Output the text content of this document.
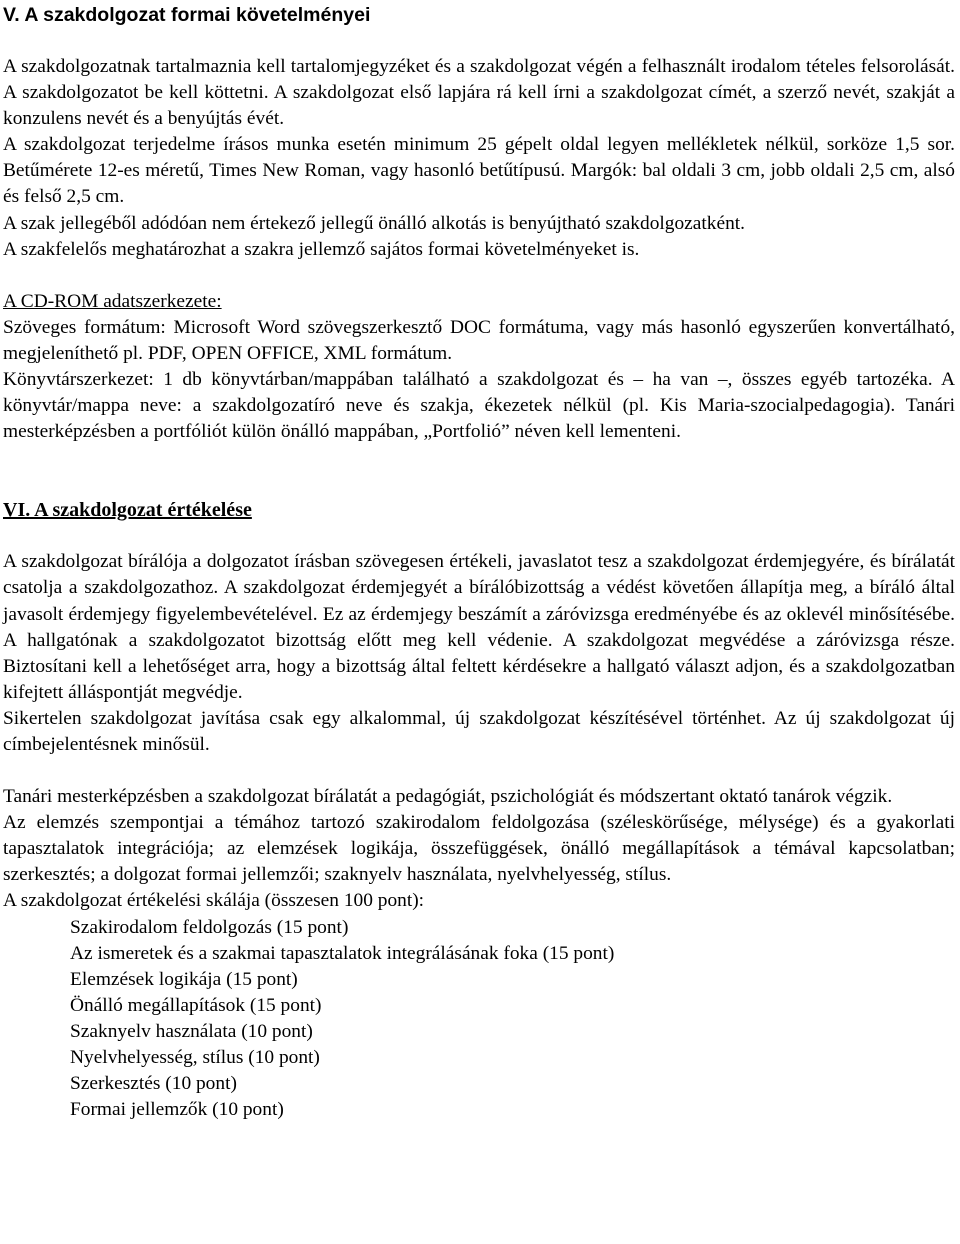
V. A szakdolgozat formai követelményei

A szakdolgozatnak tartalmaznia kell tartalomjegyzéket és a szakdolgozat végén a felhasznált irodalom tételes felsorolását. A szakdolgozatot be kell köttetni. A szakdolgozat első lapjára rá kell írni a szakdolgozat címét, a szerző nevét, szakját a konzulens nevét és a benyújtás évét.

A szakdolgozat terjedelme írásos munka esetén minimum 25 gépelt oldal legyen mellékletek nélkül, sorköze 1,5 sor. Betűmérete 12-es méretű, Times New Roman, vagy hasonló betűtípusú. Margók: bal oldali 3 cm, jobb oldali 2,5 cm, alsó és felső 2,5 cm.

A szak jellegéből adódóan nem értekező jellegű önálló alkotás is benyújtható szakdolgozatként.

A szakfelelős meghatározhat a szakra jellemző sajátos formai követelményeket is.

A CD-ROM adatszerkezete:

Szöveges formátum: Microsoft Word szövegszerkesztő DOC formátuma, vagy más hasonló egyszerűen konvertálható, megjeleníthető pl. PDF, OPEN OFFICE, XML formátum.

Könyvtárszerkezet: 1 db könyvtárban/mappában található a szakdolgozat és – ha van –, összes egyéb tartozéka. A könyvtár/mappa neve: a szakdolgozatíró neve és szakja, ékezetek nélkül (pl. Kis Maria-szocialpedagogia). Tanári mesterképzésben a portfóliót külön önálló mappában, „Portfolió” néven kell lementeni.

VI. A szakdolgozat értékelése

A szakdolgozat bírálója a dolgozatot írásban szövegesen értékeli, javaslatot tesz a szakdolgozat érdemjegyére, és bírálatát csatolja a szakdolgozathoz. A szakdolgozat érdemjegyét a bírálóbizottság a védést követően állapítja meg, a bíráló által javasolt érdemjegy figyelembevételével. Ez az érdemjegy beszámít a záróvizsga eredményébe és az oklevél minősítésébe. A hallgatónak a szakdolgozatot bizottság előtt meg kell védenie. A szakdolgozat megvédése a záróvizsga része. Biztosítani kell a lehetőséget arra, hogy a bizottság által feltett kérdésekre a hallgató választ adjon, és a szakdolgozatban kifejtett álláspontját megvédje.

Sikertelen szakdolgozat javítása csak egy alkalommal, új szakdolgozat készítésével történhet. Az új szakdolgozat új címbejelentésnek minősül.

Tanári mesterképzésben a szakdolgozat bírálatát a pedagógiát, pszichológiát és módszertant oktató tanárok végzik.

Az elemzés szempontjai a témához tartozó szakirodalom feldolgozása (széleskörűsége, mélysége) és a gyakorlati tapasztalatok integrációja; az elemzések logikája, összefüggések, önálló megállapítások a témával kapcsolatban; szerkesztés; a dolgozat formai jellemzői; szaknyelv használata, nyelvhelyesség, stílus.

A szakdolgozat értékelési skálája (összesen 100 pont):

Szakirodalom feldolgozás (15 pont)
Az ismeretek és a szakmai tapasztalatok integrálásának foka (15 pont)
Elemzések logikája (15 pont)
Önálló megállapítások (15 pont)
Szaknyelv használata (10 pont)
Nyelvhelyesség, stílus (10 pont)
Szerkesztés (10 pont)
Formai jellemzők (10 pont)
